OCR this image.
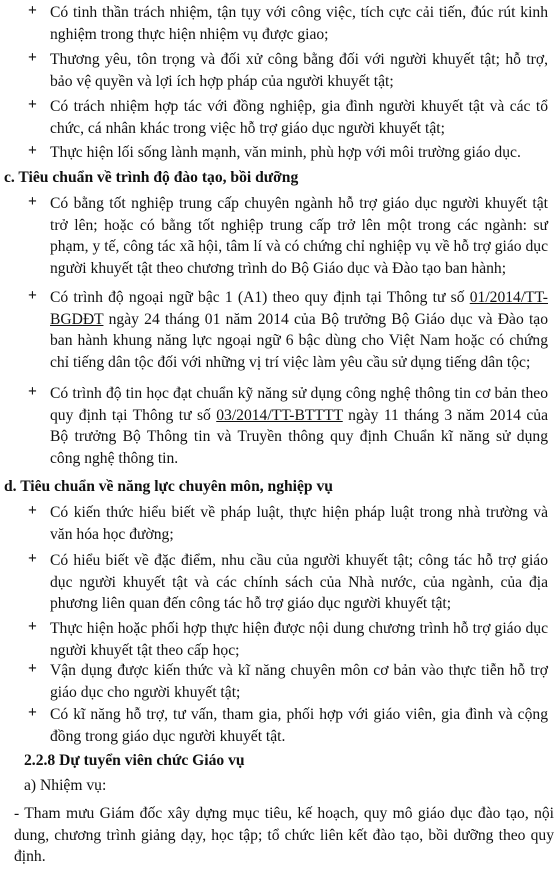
+ Có tinh thần trách nhiệm, tận tụy với công việc, tích cực cải tiến, đúc rút kinh nghiệm trong thực hiện nhiệm vụ được giao;
+ Thương yêu, tôn trọng và đối xử công bằng đối với người khuyết tật; hỗ trợ, bảo vệ quyền và lợi ích hợp pháp của người khuyết tật;
+ Có trách nhiệm hợp tác với đồng nghiệp, gia đình người khuyết tật và các tổ chức, cá nhân khác trong việc hỗ trợ giáo dục người khuyết tật;
+ Thực hiện lối sống lành mạnh, văn minh, phù hợp với môi trường giáo dục.
c. Tiêu chuẩn về trình độ đào tạo, bồi dưỡng
+ Có bằng tốt nghiệp trung cấp chuyên ngành hỗ trợ giáo dục người khuyết tật trở lên; hoặc có bằng tốt nghiệp trung cấp trở lên một trong các ngành: sư phạm, y tế, công tác xã hội, tâm lí và có chứng chỉ nghiệp vụ về hỗ trợ giáo dục người khuyết tật theo chương trình do Bộ Giáo dục và Đào tạo ban hành;
+ Có trình độ ngoại ngữ bậc 1 (A1) theo quy định tại Thông tư số 01/2014/TT-BGDĐT ngày 24 tháng 01 năm 2014 của Bộ trưởng Bộ Giáo dục và Đào tạo ban hành khung năng lực ngoại ngữ 6 bậc dùng cho Việt Nam hoặc có chứng chỉ tiếng dân tộc đối với những vị trí việc làm yêu cầu sử dụng tiếng dân tộc;
+ Có trình độ tin học đạt chuẩn kỹ năng sử dụng công nghệ thông tin cơ bản theo quy định tại Thông tư số 03/2014/TT-BTTTT ngày 11 tháng 3 năm 2014 của Bộ trưởng Bộ Thông tin và Truyền thông quy định Chuẩn kĩ năng sử dụng công nghệ thông tin.
d. Tiêu chuẩn về năng lực chuyên môn, nghiệp vụ
+ Có kiến thức hiểu biết về pháp luật, thực hiện pháp luật trong nhà trường và văn hóa học đường;
+ Có hiểu biết về đặc điểm, nhu cầu của người khuyết tật; công tác hỗ trợ giáo dục người khuyết tật và các chính sách của Nhà nước, của ngành, của địa phương liên quan đến công tác hỗ trợ giáo dục người khuyết tật;
+ Thực hiện hoặc phối hợp thực hiện được nội dung chương trình hỗ trợ giáo dục người khuyết tật theo cấp học;
+ Vận dụng được kiến thức và kĩ năng chuyên môn cơ bản vào thực tiễn hỗ trợ giáo dục cho người khuyết tật;
+ Có kĩ năng hỗ trợ, tư vấn, tham gia, phối hợp với giáo viên, gia đình và cộng đồng trong giáo dục người khuyết tật.
2.2.8 Dự tuyển viên chức Giáo vụ
a) Nhiệm vụ:
- Tham mưu Giám đốc xây dựng mục tiêu, kế hoạch, quy mô giáo dục đào tạo, nội dung, chương trình giảng dạy, học tập; tổ chức liên kết đào tạo, bồi dưỡng theo quy định.
